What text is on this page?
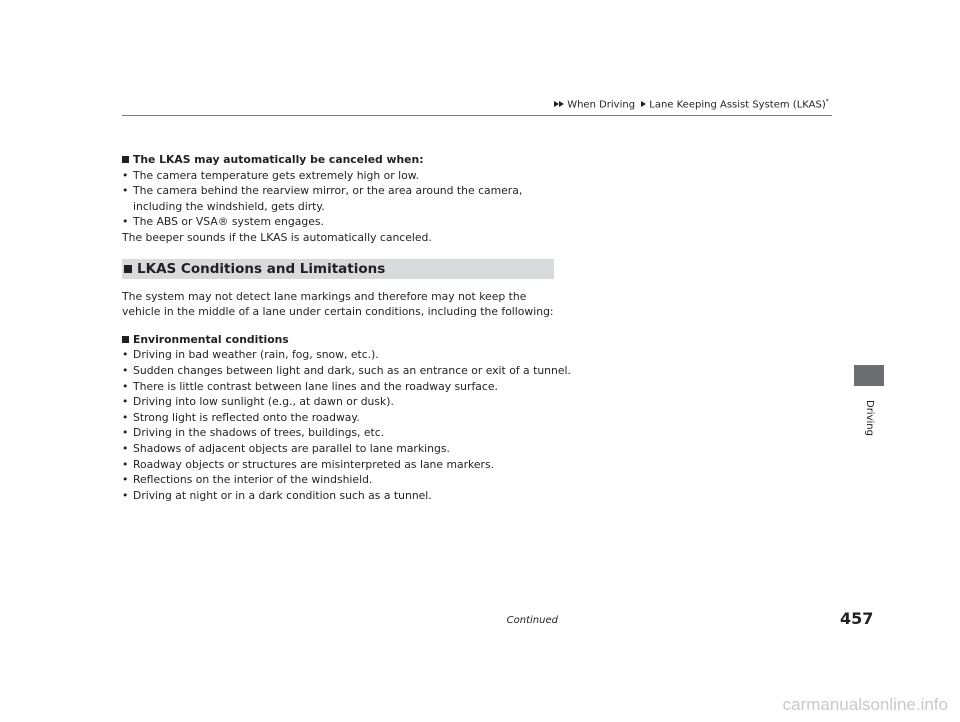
When Driving Lane Keeping Assist System (LKAS)*
The LKAS may automatically be canceled when:
• The camera temperature gets extremely high or low.
• The camera behind the rearview mirror, or the area around the camera, including the windshield, gets dirty.
• The ABS or VSA® system engages.
The beeper sounds if the LKAS is automatically canceled.
LKAS Conditions and Limitations
The system may not detect lane markings and therefore may not keep the vehicle in the middle of a lane under certain conditions, including the following:
Environmental conditions
• Driving in bad weather (rain, fog, snow, etc.).
• Sudden changes between light and dark, such as an entrance or exit of a tunnel.
• There is little contrast between lane lines and the roadway surface.
• Driving into low sunlight (e.g., at dawn or dusk).
• Strong light is reflected onto the roadway.
• Driving in the shadows of trees, buildings, etc.
• Shadows of adjacent objects are parallel to lane markings.
• Roadway objects or structures are misinterpreted as lane markers.
• Reflections on the interior of the windshield.
• Driving at night or in a dark condition such as a tunnel.
Driving
Continued	457
carmanualsonline.info
